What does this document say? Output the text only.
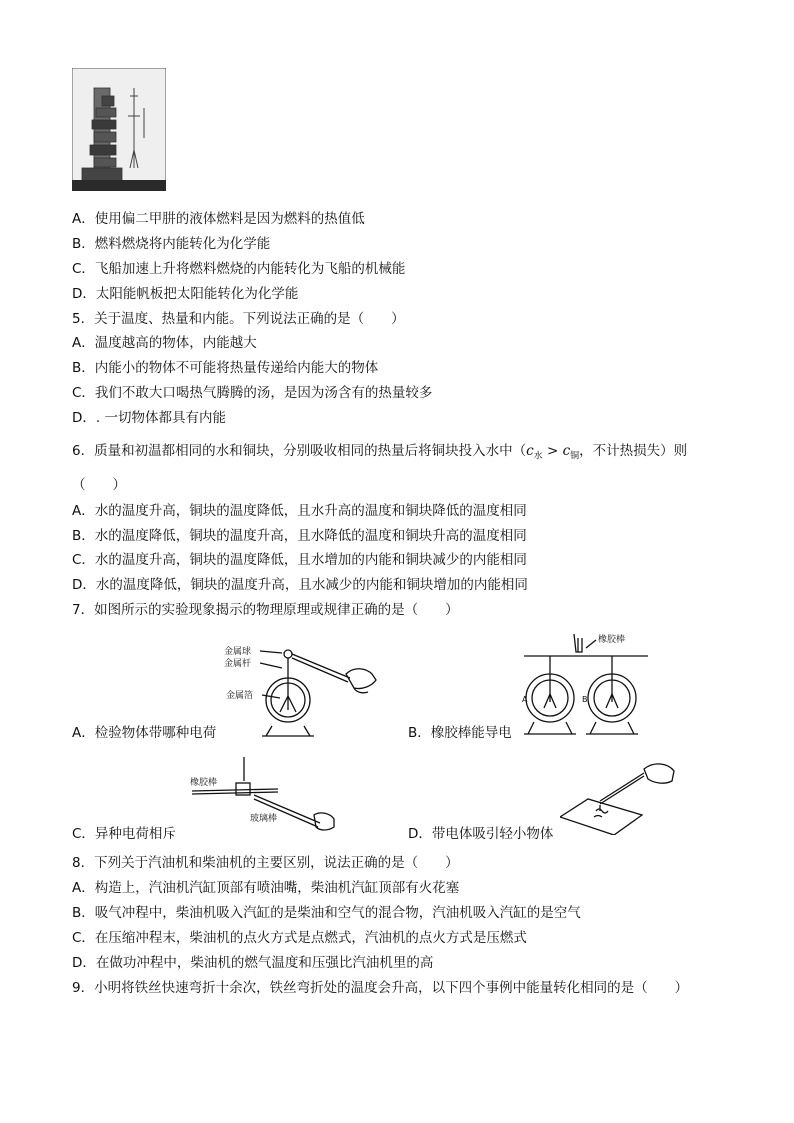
A．使用偏二甲肼的液体燃料是因为燃料的热值低
B．燃料燃烧将内能转化为化学能
C．飞船加速上升将燃料燃烧的内能转化为飞船的机械能
D．太阳能帆板把太阳能转化为化学能
5．关于温度、热量和内能。下列说法正确的是（　　）
A．温度越高的物体，内能越大
B．内能小的物体不可能将热量传递给内能大的物体
C．我们不敢大口喝热气腾腾的汤，是因为汤含有的热量较多
D．. 一切物体都具有内能
6．质量和初温都相同的水和铜块，分别吸收相同的热量后将铜块投入水中（$c_水 > c_铜$，不计热损失）则
（　　）
A．水的温度升高，铜块的温度降低，且水升高的温度和铜块降低的温度相同
B．水的温度降低，铜块的温度升高，且水降低的温度和铜块升高的温度相同
C．水的温度升高，铜块的温度降低，且水增加的内能和铜块减少的内能相同
D．水的温度降低，铜块的温度升高，且水减少的内能和铜块增加的内能相同
7．如图所示的实验现象揭示的物理原理或规律正确的是（　　）
金属球
金属杆
金属箔
A．检验物体带哪种电荷
橡胶棒
A	B
B．橡胶棒能导电
橡胶棒
玻璃棒
C．异种电荷相斥	D．带电体吸引轻小物体
8．下列关于汽油机和柴油机的主要区别，说法正确的是（　　）
A．构造上，汽油机汽缸顶部有喷油嘴，柴油机汽缸顶部有火花塞
B．吸气冲程中，柴油机吸入汽缸的是柴油和空气的混合物，汽油机吸入汽缸的是空气
C．在压缩冲程末，柴油机的点火方式是点燃式，汽油机的点火方式是压燃式
D．在做功冲程中，柴油机的燃气温度和压强比汽油机里的高
9．小明将铁丝快速弯折十余次，铁丝弯折处的温度会升高，以下四个事例中能量转化相同的是（　　）
